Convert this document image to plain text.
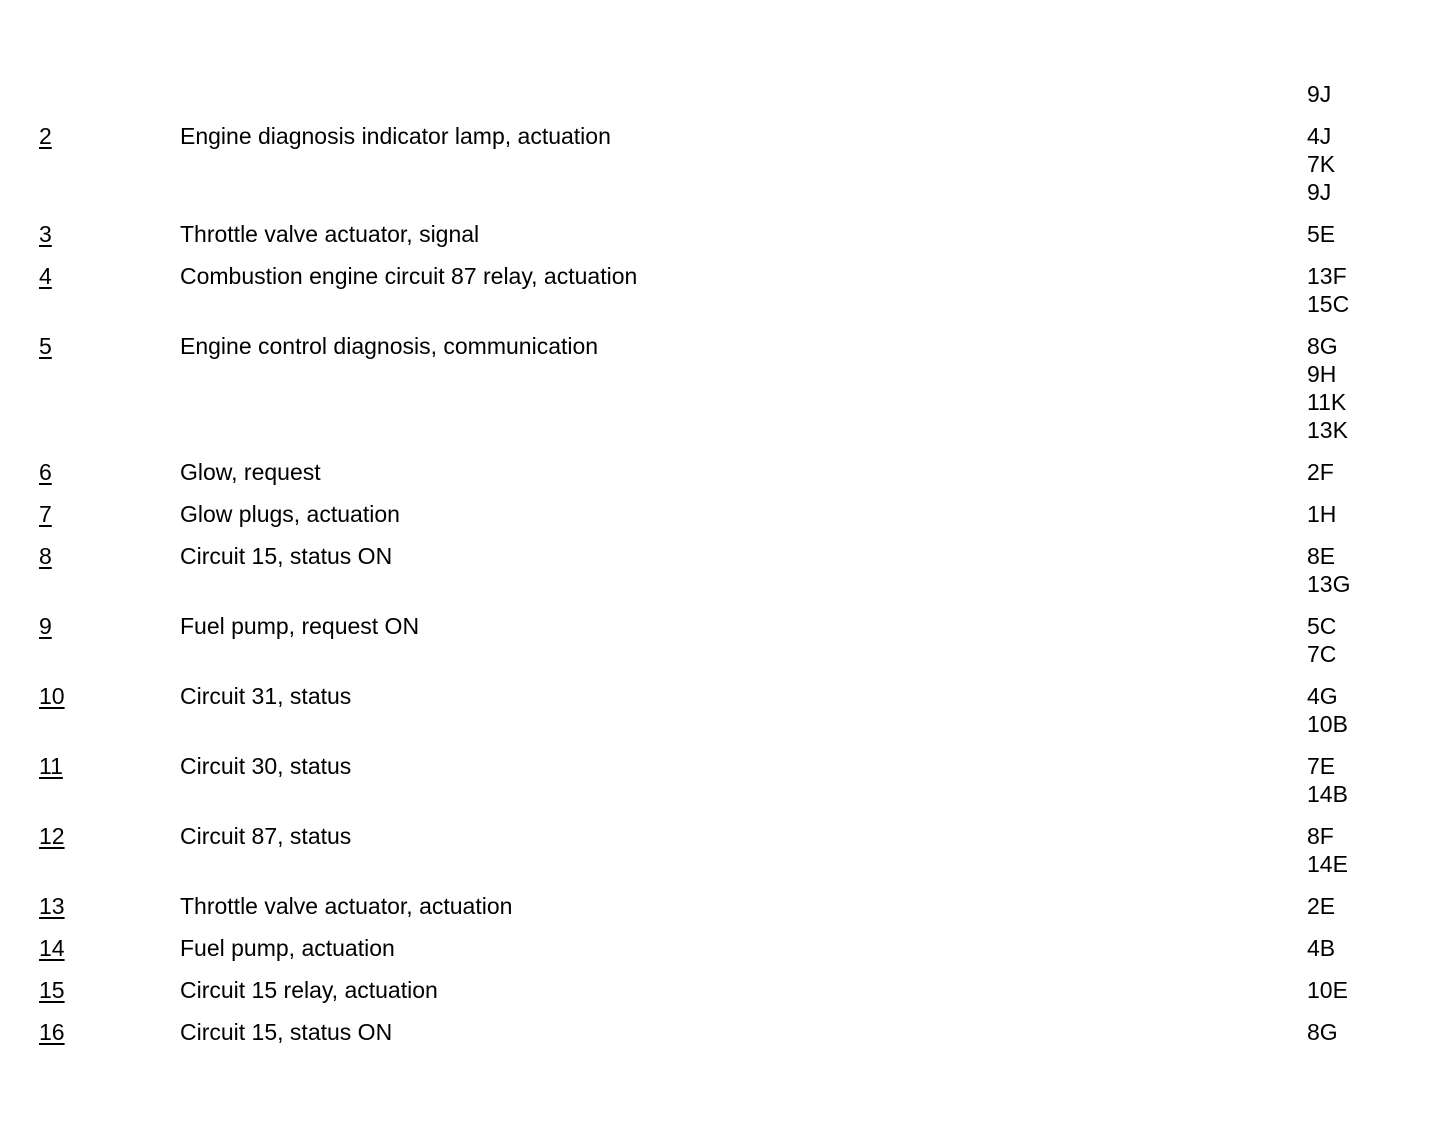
9J
2	Engine diagnosis indicator lamp, actuation	4J
7K
9J
3	Throttle valve actuator, signal	5E
4	Combustion engine circuit 87 relay, actuation	13F
15C
5	Engine control diagnosis, communication	8G
9H
11K
13K
6	Glow, request	2F
7	Glow plugs, actuation	1H
8	Circuit 15, status ON	8E
13G
9	Fuel pump, request ON	5C
7C
10	Circuit 31, status	4G
10B
11	Circuit 30, status	7E
14B
12	Circuit 87, status	8F
14E
13	Throttle valve actuator, actuation	2E
14	Fuel pump, actuation	4B
15	Circuit 15 relay, actuation	10E
16	Circuit 15, status ON	8G
